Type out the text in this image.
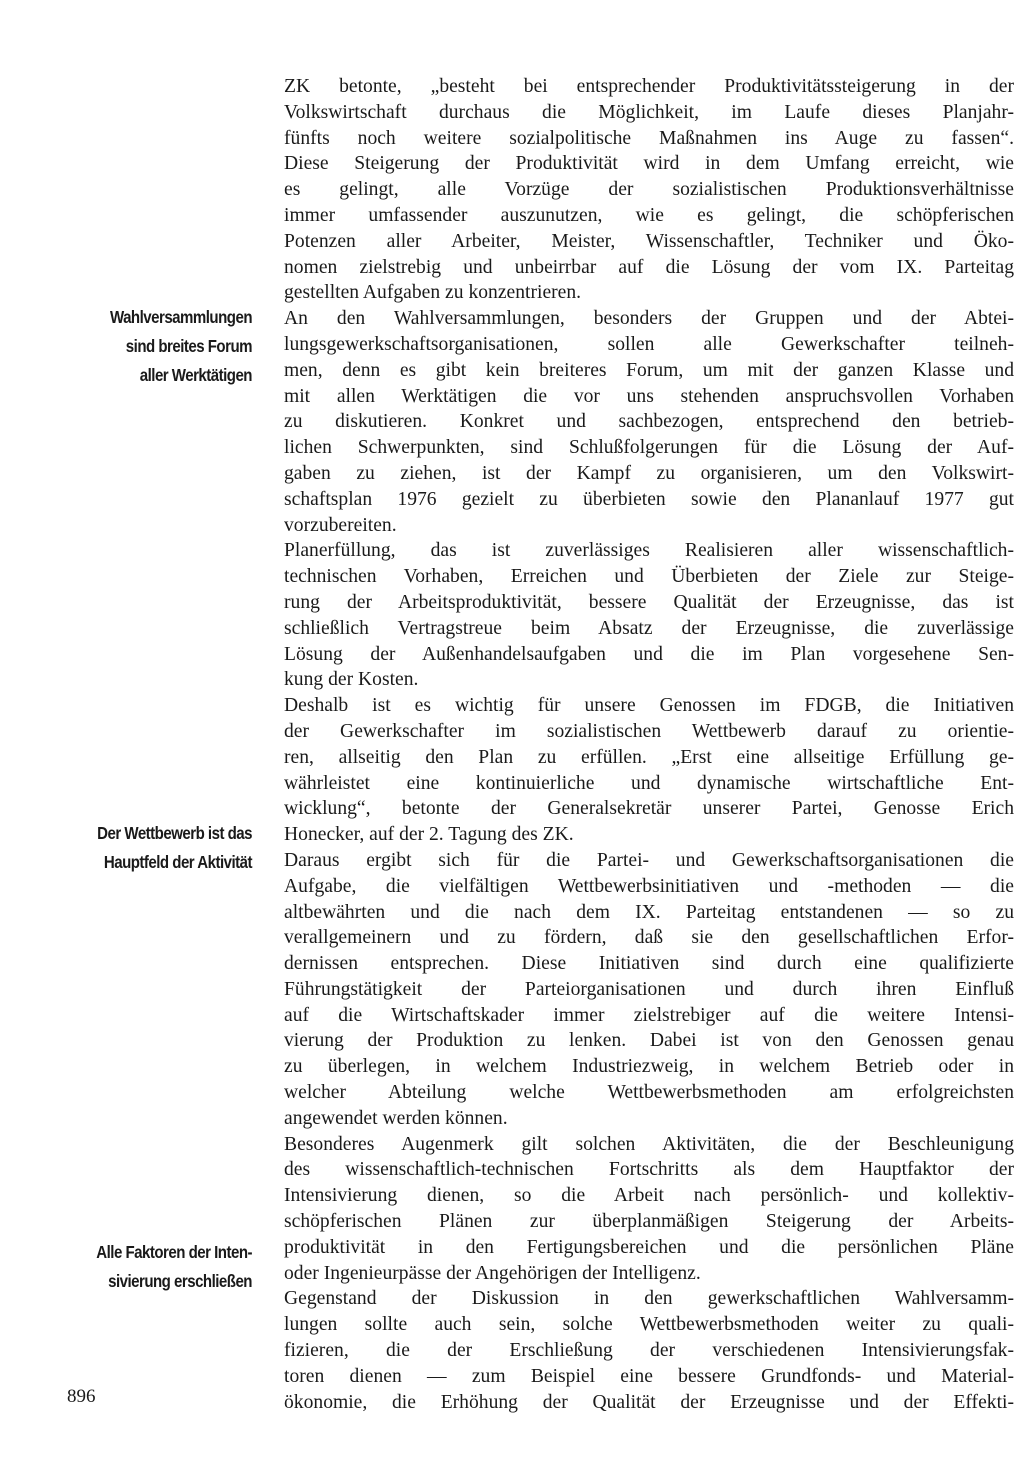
Wahlversammlungen
sind breites Forum
aller Werktätigen
Der Wettbewerb ist das
Hauptfeld der Aktivität
Alle Faktoren der Inten-
sivierung erschließen
ZK betonte, „besteht bei entsprechender Produktivitätssteigerung in der
Volkswirtschaft durchaus die Möglichkeit, im Laufe dieses Planjahr-
fünfts noch weitere sozialpolitische Maßnahmen ins Auge zu fassen“.
Diese Steigerung der Produktivität wird in dem Umfang erreicht, wie
es gelingt, alle Vorzüge der sozialistischen Produktionsverhältnisse
immer umfassender auszunutzen, wie es gelingt, die schöpferischen
Potenzen aller Arbeiter, Meister, Wissenschaftler, Techniker und Öko-
nomen zielstrebig und unbeirrbar auf die Lösung der vom IX. Parteitag
gestellten Aufgaben zu konzentrieren.
An den Wahlversammlungen, besonders der Gruppen und der Abtei-
lungsgewerkschaftsorganisationen, sollen alle Gewerkschafter teilneh-
men, denn es gibt kein breiteres Forum, um mit der ganzen Klasse und
mit allen Werktätigen die vor uns stehenden anspruchsvollen Vorhaben
zu diskutieren. Konkret und sachbezogen, entsprechend den betrieb-
lichen Schwerpunkten, sind Schlußfolgerungen für die Lösung der Auf-
gaben zu ziehen, ist der Kampf zu organisieren, um den Volkswirt-
schaftsplan 1976 gezielt zu überbieten sowie den Plananlauf 1977 gut
vorzubereiten.
Planerfüllung, das ist zuverlässiges Realisieren aller wissenschaftlich-
technischen Vorhaben, Erreichen und Überbieten der Ziele zur Steige-
rung der Arbeitsproduktivität, bessere Qualität der Erzeugnisse, das ist
schließlich Vertragstreue beim Absatz der Erzeugnisse, die zuverlässige
Lösung der Außenhandelsaufgaben und die im Plan vorgesehene Sen-
kung der Kosten.
Deshalb ist es wichtig für unsere Genossen im FDGB, die Initiativen
der Gewerkschafter im sozialistischen Wettbewerb darauf zu orientie-
ren, allseitig den Plan zu erfüllen. „Erst eine allseitige Erfüllung ge-
währleistet eine kontinuierliche und dynamische wirtschaftliche Ent-
wicklung“, betonte der Generalsekretär unserer Partei, Genosse Erich
Honecker, auf der 2. Tagung des ZK.
Daraus ergibt sich für die Partei- und Gewerkschaftsorganisationen die
Aufgabe, die vielfältigen Wettbewerbsinitiativen und -methoden — die
altbewährten und die nach dem IX. Parteitag entstandenen — so zu
verallgemeinern und zu fördern, daß sie den gesellschaftlichen Erfor-
dernissen entsprechen. Diese Initiativen sind durch eine qualifizierte
Führungstätigkeit der Parteiorganisationen und durch ihren Einfluß
auf die Wirtschaftskader immer zielstrebiger auf die weitere Intensi-
vierung der Produktion zu lenken. Dabei ist von den Genossen genau
zu überlegen, in welchem Industriezweig, in welchem Betrieb oder in
welcher Abteilung welche Wettbewerbsmethoden am erfolgreichsten
angewendet werden können.
Besonderes Augenmerk gilt solchen Aktivitäten, die der Beschleunigung
des wissenschaftlich-technischen Fortschritts als dem Hauptfaktor der
Intensivierung dienen, so die Arbeit nach persönlich- und kollektiv-
schöpferischen Plänen zur überplanmäßigen Steigerung der Arbeits-
produktivität in den Fertigungsbereichen und die persönlichen Pläne
oder Ingenieurpässe der Angehörigen der Intelligenz.
Gegenstand der Diskussion in den gewerkschaftlichen Wahlversamm-
lungen sollte auch sein, solche Wettbewerbsmethoden weiter zu quali-
fizieren, die der Erschließung der verschiedenen Intensivierungsfak-
toren dienen — zum Beispiel eine bessere Grundfonds- und Material-
ökonomie, die Erhöhung der Qualität der Erzeugnisse und der Effekti-
896
